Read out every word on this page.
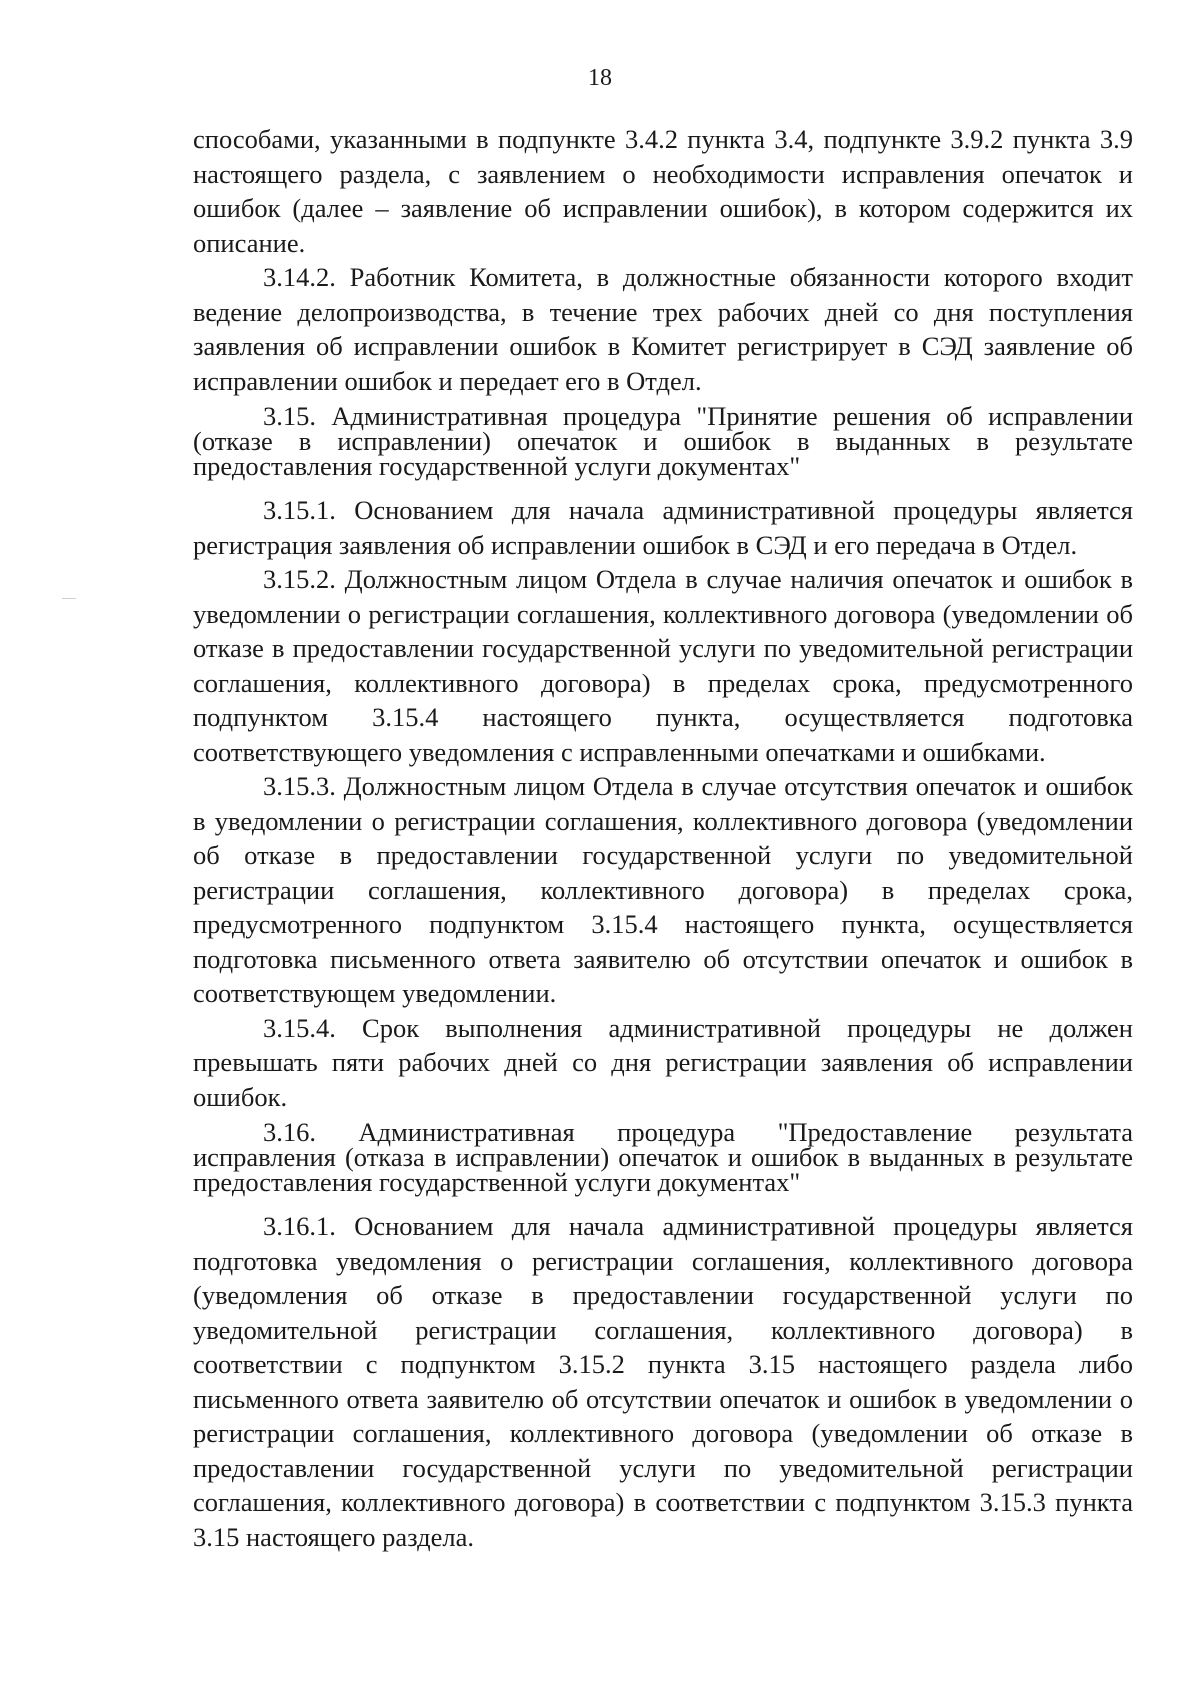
18

способами, указанными в подпункте 3.4.2 пункта 3.4, подпункте 3.9.2 пункта 3.9 настоящего раздела, с заявлением о необходимости исправления опечаток и ошибок (далее – заявление об исправлении ошибок), в котором содержится их описание.

3.14.2. Работник Комитета, в должностные обязанности которого входит ведение делопроизводства, в течение трех рабочих дней со дня поступления заявления об исправлении ошибок в Комитет регистрирует в СЭД заявление об исправлении ошибок и передает его в Отдел.

3.15. Административная процедура "Принятие решения об исправлении (отказе в исправлении) опечаток и ошибок в выданных в результате предоставления государственной услуги документах"

3.15.1. Основанием для начала административной процедуры является регистрация заявления об исправлении ошибок в СЭД и его передача в Отдел.

3.15.2. Должностным лицом Отдела в случае наличия опечаток и ошибок в уведомлении о регистрации соглашения, коллективного договора (уведомлении об отказе в предоставлении государственной услуги по уведомительной регистрации соглашения, коллективного договора) в пределах срока, предусмотренного подпунктом 3.15.4 настоящего пункта, осуществляется подготовка соответствующего уведомления с исправленными опечатками и ошибками.

3.15.3. Должностным лицом Отдела в случае отсутствия опечаток и ошибок в уведомлении о регистрации соглашения, коллективного договора (уведомлении об отказе в предоставлении государственной услуги по уведомительной регистрации соглашения, коллективного договора) в пределах срока, предусмотренного подпунктом 3.15.4 настоящего пункта, осуществляется подготовка письменного ответа заявителю об отсутствии опечаток и ошибок в соответствующем уведомлении.

3.15.4. Срок выполнения административной процедуры не должен превышать пяти рабочих дней со дня регистрации заявления об исправлении ошибок.

3.16. Административная процедура "Предоставление результата исправления (отказа в исправлении) опечаток и ошибок в выданных в результате предоставления государственной услуги документах"

3.16.1. Основанием для начала административной процедуры является подготовка уведомления о регистрации соглашения, коллективного договора (уведомления об отказе в предоставлении государственной услуги по уведомительной регистрации соглашения, коллективного договора) в соответствии с подпунктом 3.15.2 пункта 3.15 настоящего раздела либо письменного ответа заявителю об отсутствии опечаток и ошибок в уведомлении о регистрации соглашения, коллективного договора (уведомлении об отказе в предоставлении государственной услуги по уведомительной регистрации соглашения, коллективного договора) в соответствии с подпунктом 3.15.3 пункта 3.15 настоящего раздела.
